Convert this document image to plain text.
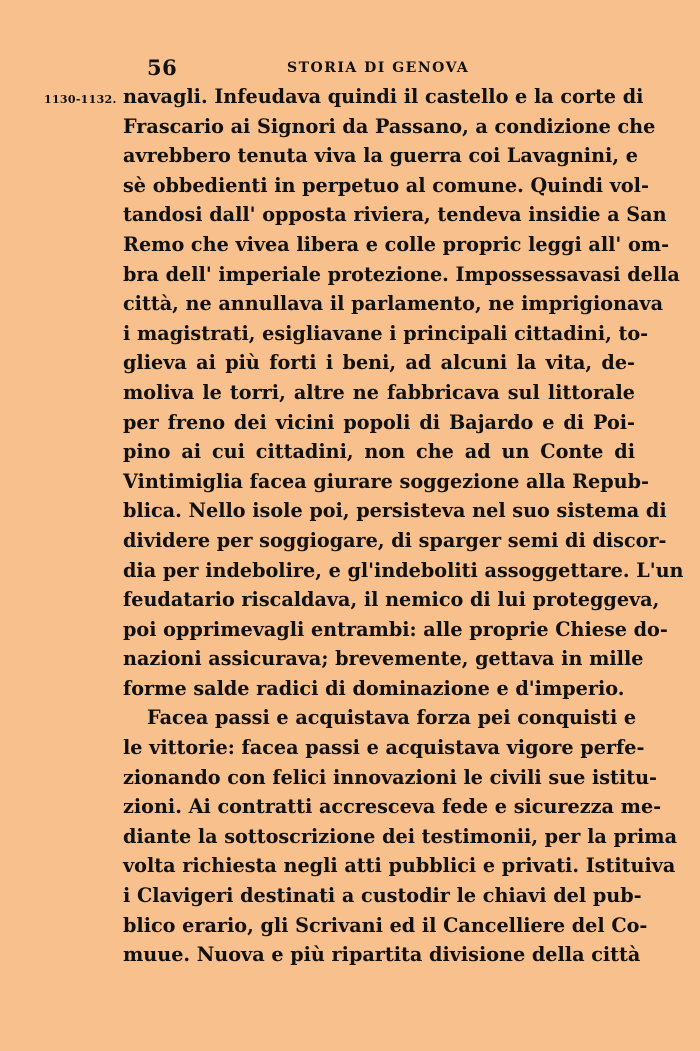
56	STORIA DI GENOVA
1130-1132. navagli. Infeudava quindi il castello e la corte di
Frascario ai Signori da Passano, a condizione che
avrebbero tenuta viva la guerra coi Lavagnini, e
sè obbedienti in perpetuo al comune. Quindi vol-
tandosi dall' opposta riviera, tendeva insidie a San
Remo che vivea libera e colle propric leggi all' om-
bra dell' imperiale protezione. Impossessavasi della
città, ne annullava il parlamento, ne imprigionava
i magistrati, esigliavane i principali cittadini, to-
glieva ai più forti i beni, ad alcuni la vita, de-
moliva le torri, altre ne fabbricava sul littorale
per freno dei vicini popoli di Bajardo e di Poi-
pino ai cui cittadini, non che ad un Conte di
Vintimiglia facea giurare soggezione alla Repub-
blica. Nello isole poi, persisteva nel suo sistema di
dividere per soggiogare, di sparger semi di discor-
dia per indebolire, e gl'indeboliti assoggettare. L'un
feudatario riscaldava, il nemico di lui proteggeva,
poi opprimevagli entrambi: alle proprie Chiese do-
nazioni assicurava; brevemente, gettava in mille
forme salde radici di dominazione e d'imperio.
Facea passi e acquistava forza pei conquisti e
le vittorie: facea passi e acquistava vigore perfe-
zionando con felici innovazioni le civili sue istitu-
zioni. Ai contratti accresceva fede e sicurezza me-
diante la sottoscrizione dei testimonii, per la prima
volta richiesta negli atti pubblici e privati. Istituiva
i Clavigeri destinati a custodir le chiavi del pub-
blico erario, gli Scrivani ed il Cancelliere del Co-
muue. Nuova e più ripartita divisione della città
